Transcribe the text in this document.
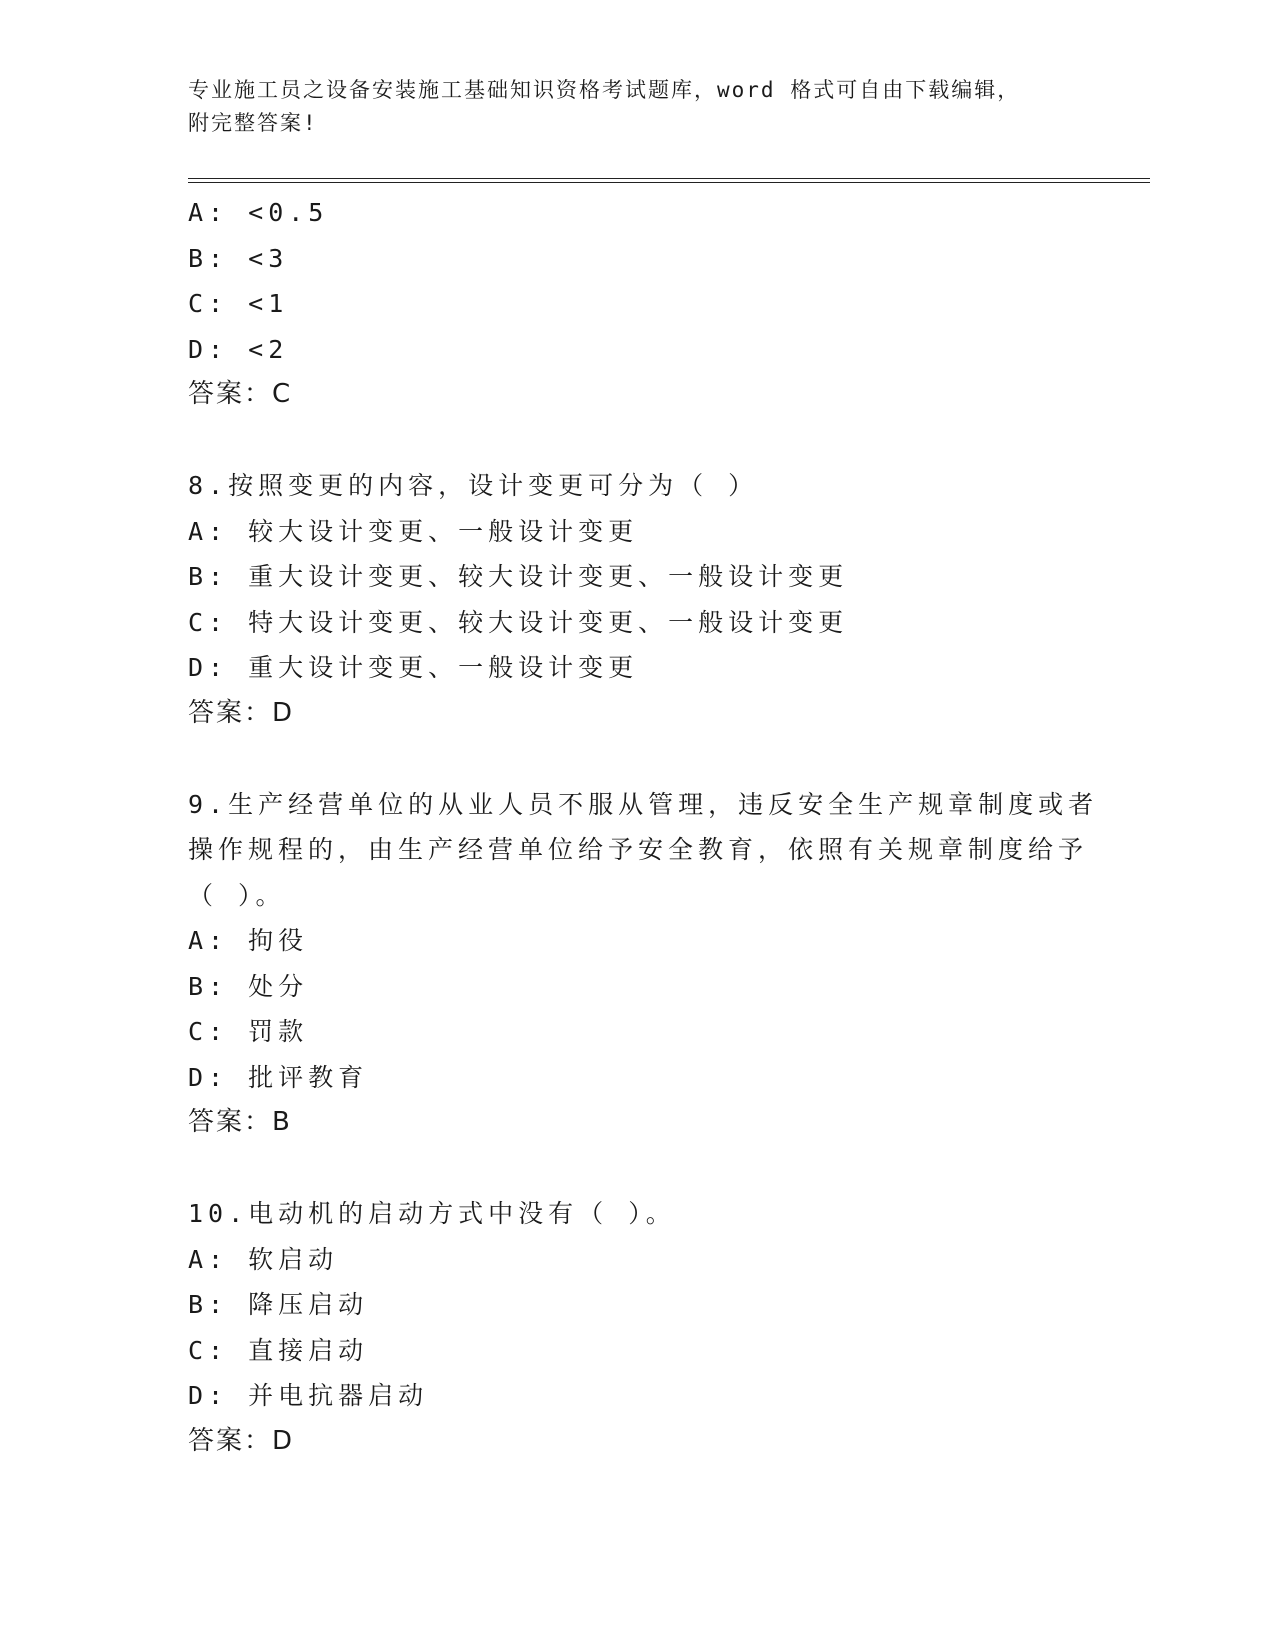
专业施工员之设备安装施工基础知识资格考试题库，word 格式可自由下载编辑，
附完整答案!
A: <0.5
B: <3
C: <1
D: <2
答案：C
8.按照变更的内容，设计变更可分为（ ）
A: 较大设计变更、一般设计变更
B: 重大设计变更、较大设计变更、一般设计变更
C: 特大设计变更、较大设计变更、一般设计变更
D: 重大设计变更、一般设计变更
答案：D
9.生产经营单位的从业人员不服从管理，违反安全生产规章制度或者
操作规程的，由生产经营单位给予安全教育，依照有关规章制度给予
（ ）。
A: 拘役
B: 处分
C: 罚款
D: 批评教育
答案：B
10.电动机的启动方式中没有（ ）。
A: 软启动
B: 降压启动
C: 直接启动
D: 并电抗器启动
答案：D
